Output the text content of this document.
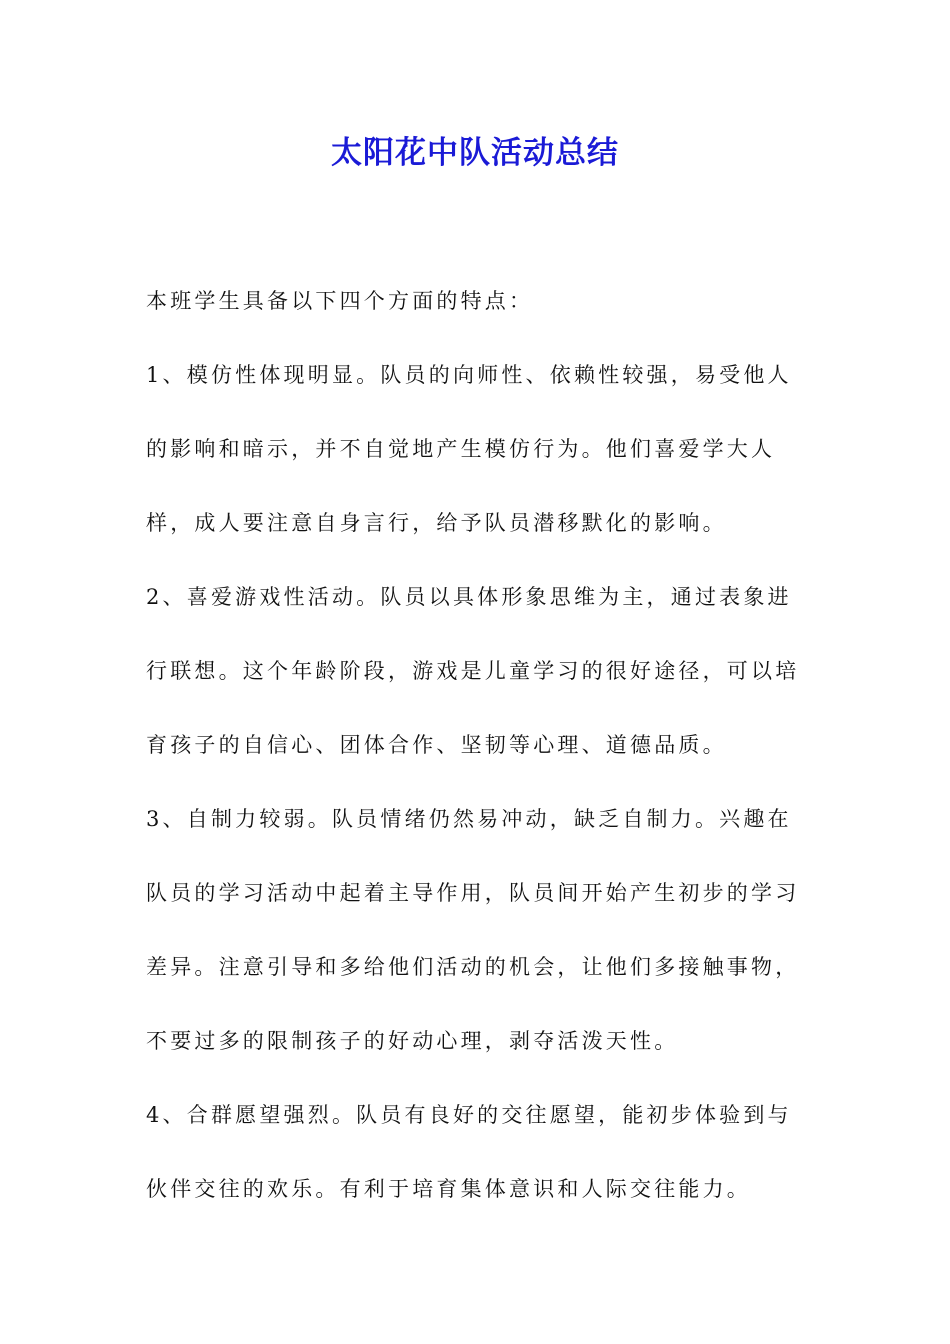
太阳花中队活动总结

本班学生具备以下四个方面的特点：

1、模仿性体现明显。队员的向师性、依赖性较强，易受他人的影响和暗示，并不自觉地产生模仿行为。他们喜爱学大人样，成人要注意自身言行，给予队员潜移默化的影响。

2、喜爱游戏性活动。队员以具体形象思维为主，通过表象进行联想。这个年龄阶段，游戏是儿童学习的很好途径，可以培育孩子的自信心、团体合作、坚韧等心理、道德品质。

3、自制力较弱。队员情绪仍然易冲动，缺乏自制力。兴趣在队员的学习活动中起着主导作用，队员间开始产生初步的学习差异。注意引导和多给他们活动的机会，让他们多接触事物，不要过多的限制孩子的好动心理，剥夺活泼天性。

4、合群愿望强烈。队员有良好的交往愿望，能初步体验到与伙伴交往的欢乐。有利于培育集体意识和人际交往能力。
